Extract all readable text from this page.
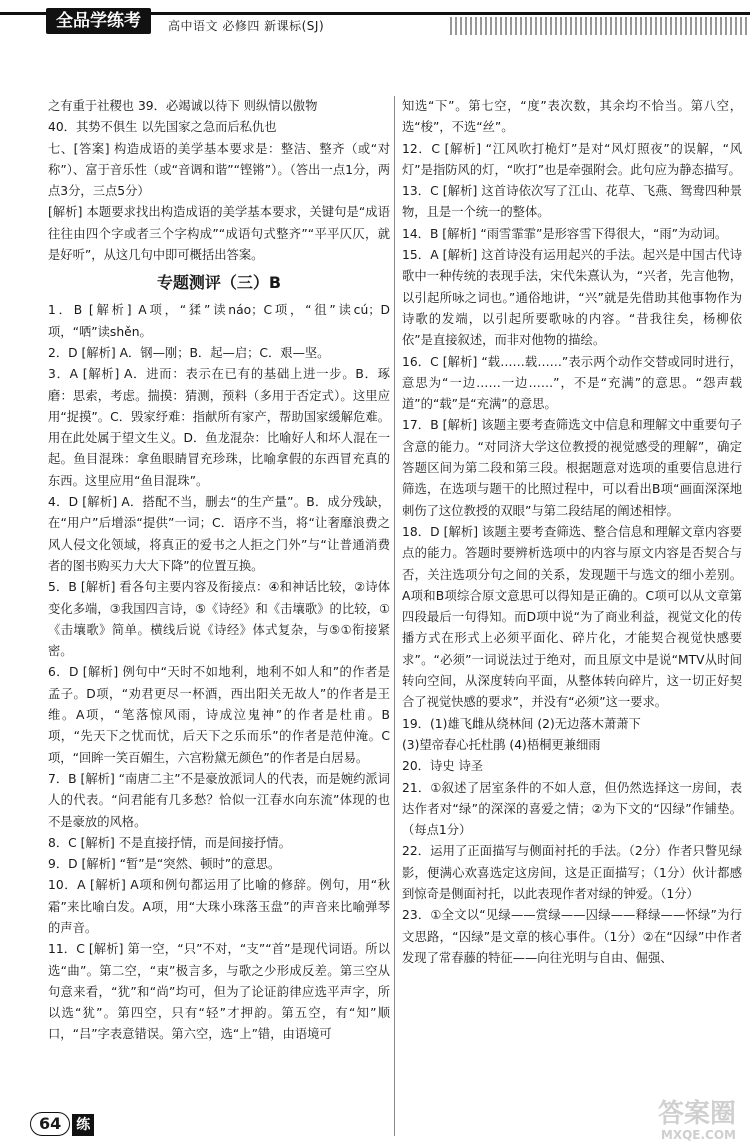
全品学练考	高中语文 必修四 新课标(SJ)

之有重于社稷也 39．必竭诚以待下 则纵情以傲物

40．其势不俱生 以先国家之急而后私仇也

七、[答案] 构造成语的美学基本要求是：整洁、整齐（或“对称”）、富于音乐性（或“音调和谐”“铿锵”）。（答出一点1分，两点3分，三点5分）

[解析] 本题要求找出构造成语的美学基本要求，关键句是“成语往往由四个字或者三个字构成”“成语句式整齐”“平平仄仄，就是好听”，从这几句中即可概括出答案。

专题测评（三）B

1．B [解析] A项，“猱”读náo；C项，“徂”读cú；D项，“哂”读shěn。

2．D [解析] A．钢—刚；B．起—启；C．艰—坚。

3．A [解析] A．进而：表示在已有的基础上进一步。B．琢磨：思索，考虑。揣摸：猜测，预料（多用于否定式）。这里应用“捉摸”。C．毁家纾难：指献所有家产，帮助国家缓解危难。用在此处属于望文生义。D．鱼龙混杂：比喻好人和坏人混在一起。鱼目混珠：拿鱼眼睛冒充珍珠，比喻拿假的东西冒充真的东西。这里应用“鱼目混珠”。

4．D [解析] A．搭配不当，删去“的生产量”。B．成分残缺，在“用户”后增添“提供”一词；C．语序不当，将“让奢靡浪费之风人侵文化领域，将真正的爱书之人拒之门外”与“让普通消费者的图书购买力大大下降”的位置互换。

5．B [解析] 看各句主要内容及衔接点：④和神话比较，②诗体变化多端，③我国四言诗，⑤《诗经》和《击壤歌》的比较，①《击壤歌》简单。横线后说《诗经》体式复杂，与⑤①衔接紧密。

6．D [解析] 例句中“天时不如地利，地利不如人和”的作者是孟子。D项，“劝君更尽一杯酒，西出阳关无故人”的作者是王维。A项，“笔落惊风雨，诗成泣鬼神”的作者是杜甫。B项，“先天下之忧而忧，后天下之乐而乐”的作者是范仲淹。C项，“回眸一笑百媚生，六宫粉黛无颜色”的作者是白居易。

7．B [解析] “南唐二主”不是豪放派词人的代表，而是婉约派词人的代表。“问君能有几多愁？恰似一江春水向东流”体现的也不是豪放的风格。

8．C [解析] 不是直接抒情，而是间接抒情。

9．D [解析] “暂”是“突然、顿时”的意思。

10．A [解析] A项和例句都运用了比喻的修辞。例句，用“秋霜”来比喻白发。A项，用“大珠小珠落玉盘”的声音来比喻弹琴的声音。

11．C [解析] 第一空，“只”不对，“支”“首”是现代词语。所以选“曲”。第二空，“束”极言多，与歌之少形成反差。第三空从句意来看，“犹”和“尚”均可，但为了论证韵律应选平声字，所以选“犹”。第四空，只有“轻”才押韵。第五空，有“知”顺口，“吕”字表意错误。第六空，选“上”错，由语境可

知选“下”。第七空，“度”表次数，其余均不恰当。第八空，选“梭”，不选“丝”。

12．C [解析] “江风吹打桅灯”是对“风灯照夜”的误解，“风灯”是指防风的灯，“吹打”也是牵强附会。此句应为静态描写。

13．C [解析] 这首诗依次写了江山、花草、飞燕、鸳鸯四种景物，且是一个统一的整体。

14．B [解析] “雨雪霏霏”是形容雪下得很大，“雨”为动词。

15．A [解析] 这首诗没有运用起兴的手法。起兴是中国古代诗歌中一种传统的表现手法，宋代朱熹认为，“兴者，先言他物，以引起所咏之词也。”通俗地讲，“兴”就是先借助其他事物作为诗歌的发端，以引起所要歌咏的内容。“昔我往矣，杨柳依依”是直接叙述，而非对他物的描绘。

16．C [解析] “载……载……”表示两个动作交替或同时进行，意思为“一边……一边……”，不是“充满”的意思。“怨声载道”的“载”是“充满”的意思。

17．B [解析] 该题主要考查筛选文中信息和理解文中重要句子含意的能力。“对同济大学这位教授的视觉感受的理解”，确定答题区间为第二段和第三段。根据题意对选项的重要信息进行筛选，在选项与题干的比照过程中，可以看出B项“画面深深地刺伤了这位教授的双眼”与第二段结尾的阐述相悖。

18．D [解析] 该题主要考查筛选、整合信息和理解文章内容要点的能力。答题时要辨析选项中的内容与原文内容是否契合与否，关注选项分句之间的关系，发现题干与选文的细小差别。A项和B项综合原文意思可以得知是正确的。C项可以从文章第四段最后一句得知。而D项中说“为了商业利益，视觉文化的传播方式在形式上必须平面化、碎片化，才能契合视觉快感要求”。“必须”一词说法过于绝对，而且原文中是说“MTV从时间转向空间，从深度转向平面，从整体转向碎片，这一切正好契合了视觉快感的要求”，并没有“必须”这一要求。

19．(1)雄飞雌从绕林间 (2)无边落木萧萧下

(3)望帝春心托杜鹃 (4)梧桐更兼细雨

20．诗史 诗圣

21．①叙述了居室条件的不如人意，但仍然选择这一房间，表达作者对“绿”的深深的喜爱之情；②为下文的“囚绿”作铺垫。（每点1分）

22．运用了正面描写与侧面衬托的手法。（2分）作者只瞥见绿影，便满心欢喜选定这房间，这是正面描写；（1分）伙计都感到惊奇是侧面衬托，以此表现作者对绿的钟爱。（1分）

23．①全文以“见绿——赏绿——囚绿——释绿——怀绿”为行文思路，“囚绿”是文章的核心事件。（1分）②在“囚绿”中作者发现了常春藤的特征——向往光明与自由、倔强、

64 练	答案圈
MXQE.COM
